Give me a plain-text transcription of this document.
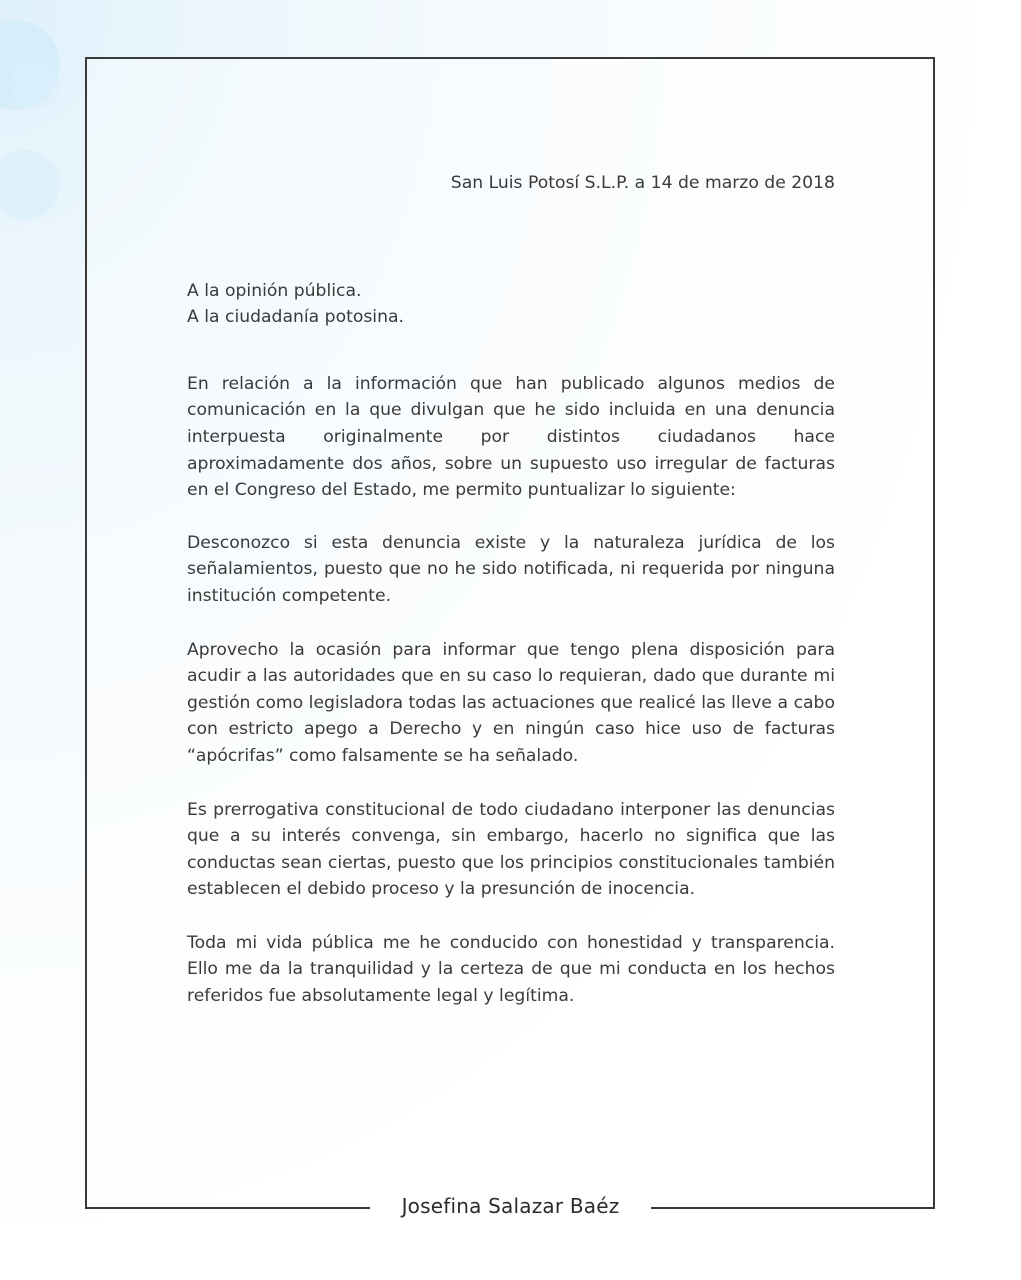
San Luis Potosí S.L.P. a 14 de marzo de 2018

A la opinión pública.
A la ciudadanía potosina.

En relación a la información que han publicado algunos medios de comunicación en la que divulgan que he sido incluida en una denuncia interpuesta originalmente por distintos ciudadanos hace aproximadamente dos años, sobre un supuesto uso irregular de facturas en el Congreso del Estado, me permito puntualizar lo siguiente:

Desconozco si esta denuncia existe y la naturaleza jurídica de los señalamientos, puesto que no he sido notificada, ni requerida por ninguna institución competente.

Aprovecho la ocasión para informar que tengo plena disposición para acudir a las autoridades que en su caso lo requieran, dado que durante mi gestión como legisladora todas las actuaciones que realicé las lleve a cabo con estricto apego a Derecho y en ningún caso hice uso de facturas “apócrifas” como falsamente se ha señalado.

Es prerrogativa constitucional de todo ciudadano interponer las denuncias que a su interés convenga, sin embargo, hacerlo no significa que las conductas sean ciertas, puesto que los principios constitucionales también establecen el debido proceso y la presunción de inocencia.

Toda mi vida pública me he conducido con honestidad y transparencia. Ello me da la tranquilidad y la certeza de que mi conducta en los hechos referidos fue absolutamente legal y legítima.

Josefina Salazar Baéz
